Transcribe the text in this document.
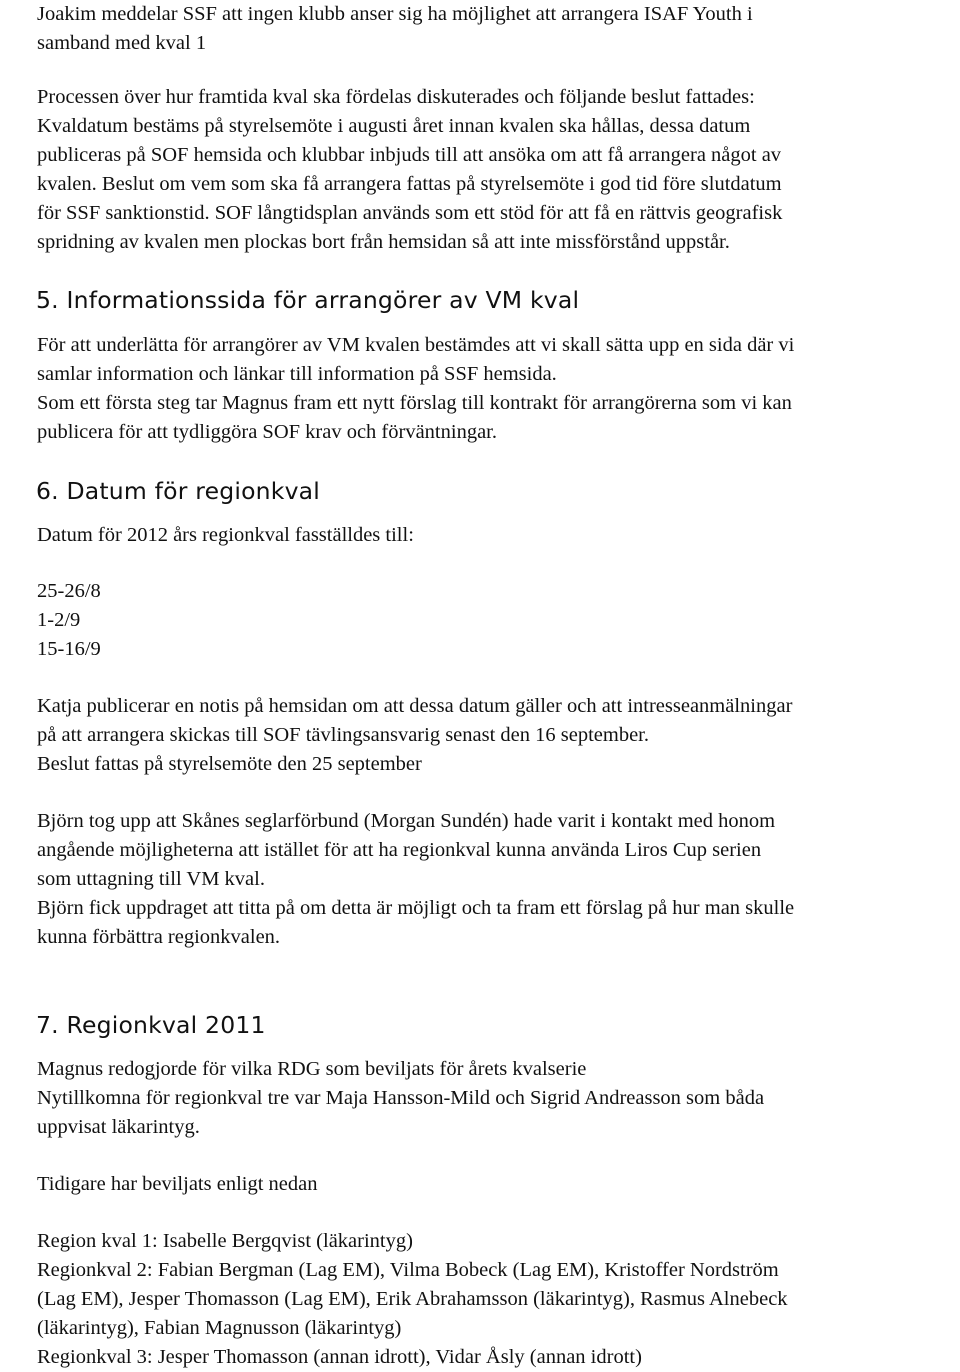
Joakim meddelar SSF att ingen klubb anser sig ha möjlighet att arrangera ISAF Youth i
samband med kval 1
Processen över hur framtida kval ska fördelas diskuterades och följande beslut fattades:
Kvaldatum bestäms på styrelsemöte i augusti året innan kvalen ska hållas, dessa datum
publiceras på SOF hemsida och klubbar inbjuds till att ansöka om att få arrangera något av
kvalen. Beslut om vem som ska få arrangera fattas på styrelsemöte i god tid före slutdatum
för SSF sanktionstid. SOF långtidsplan används som ett stöd för att få en rättvis geografisk
spridning av kvalen men plockas bort från hemsidan så att inte missförstånd uppstår.
5. Informationssida för arrangörer av VM kval
För att underlätta för arrangörer av VM kvalen bestämdes att vi skall sätta upp en sida där vi
samlar information och länkar till information på SSF hemsida.
Som ett första steg tar Magnus fram ett nytt förslag till kontrakt för arrangörerna som vi kan
publicera för att tydliggöra SOF krav och förväntningar.
6. Datum för regionkval
Datum för 2012 års regionkval fasställdes till:
25-26/8
1-2/9
15-16/9
Katja publicerar en notis på hemsidan om att dessa datum gäller och att intresseanmälningar
på att arrangera skickas till SOF tävlingsansvarig senast den 16 september.
Beslut fattas på styrelsemöte den 25 september
Björn tog upp att Skånes seglarförbund (Morgan Sundén) hade varit i kontakt med honom
angående möjligheterna att istället för att ha regionkval kunna använda Liros Cup serien
som uttagning till VM kval.
Björn fick uppdraget att titta på om detta är möjligt och ta fram ett förslag på hur man skulle
kunna förbättra regionkvalen.
7. Regionkval 2011
Magnus redogjorde för vilka RDG som beviljats för årets kvalserie
Nytillkomna för regionkval tre var Maja Hansson-Mild och Sigrid Andreasson som båda
uppvisat läkarintyg.
Tidigare har beviljats enligt nedan
Region kval 1: Isabelle Bergqvist (läkarintyg)
Regionkval 2: Fabian Bergman (Lag EM), Vilma Bobeck (Lag EM), Kristoffer Nordström
(Lag EM), Jesper Thomasson (Lag EM), Erik Abrahamsson (läkarintyg), Rasmus Alnebeck
(läkarintyg), Fabian Magnusson (läkarintyg)
Regionkval 3: Jesper Thomasson (annan idrott), Vidar Åsly (annan idrott)
